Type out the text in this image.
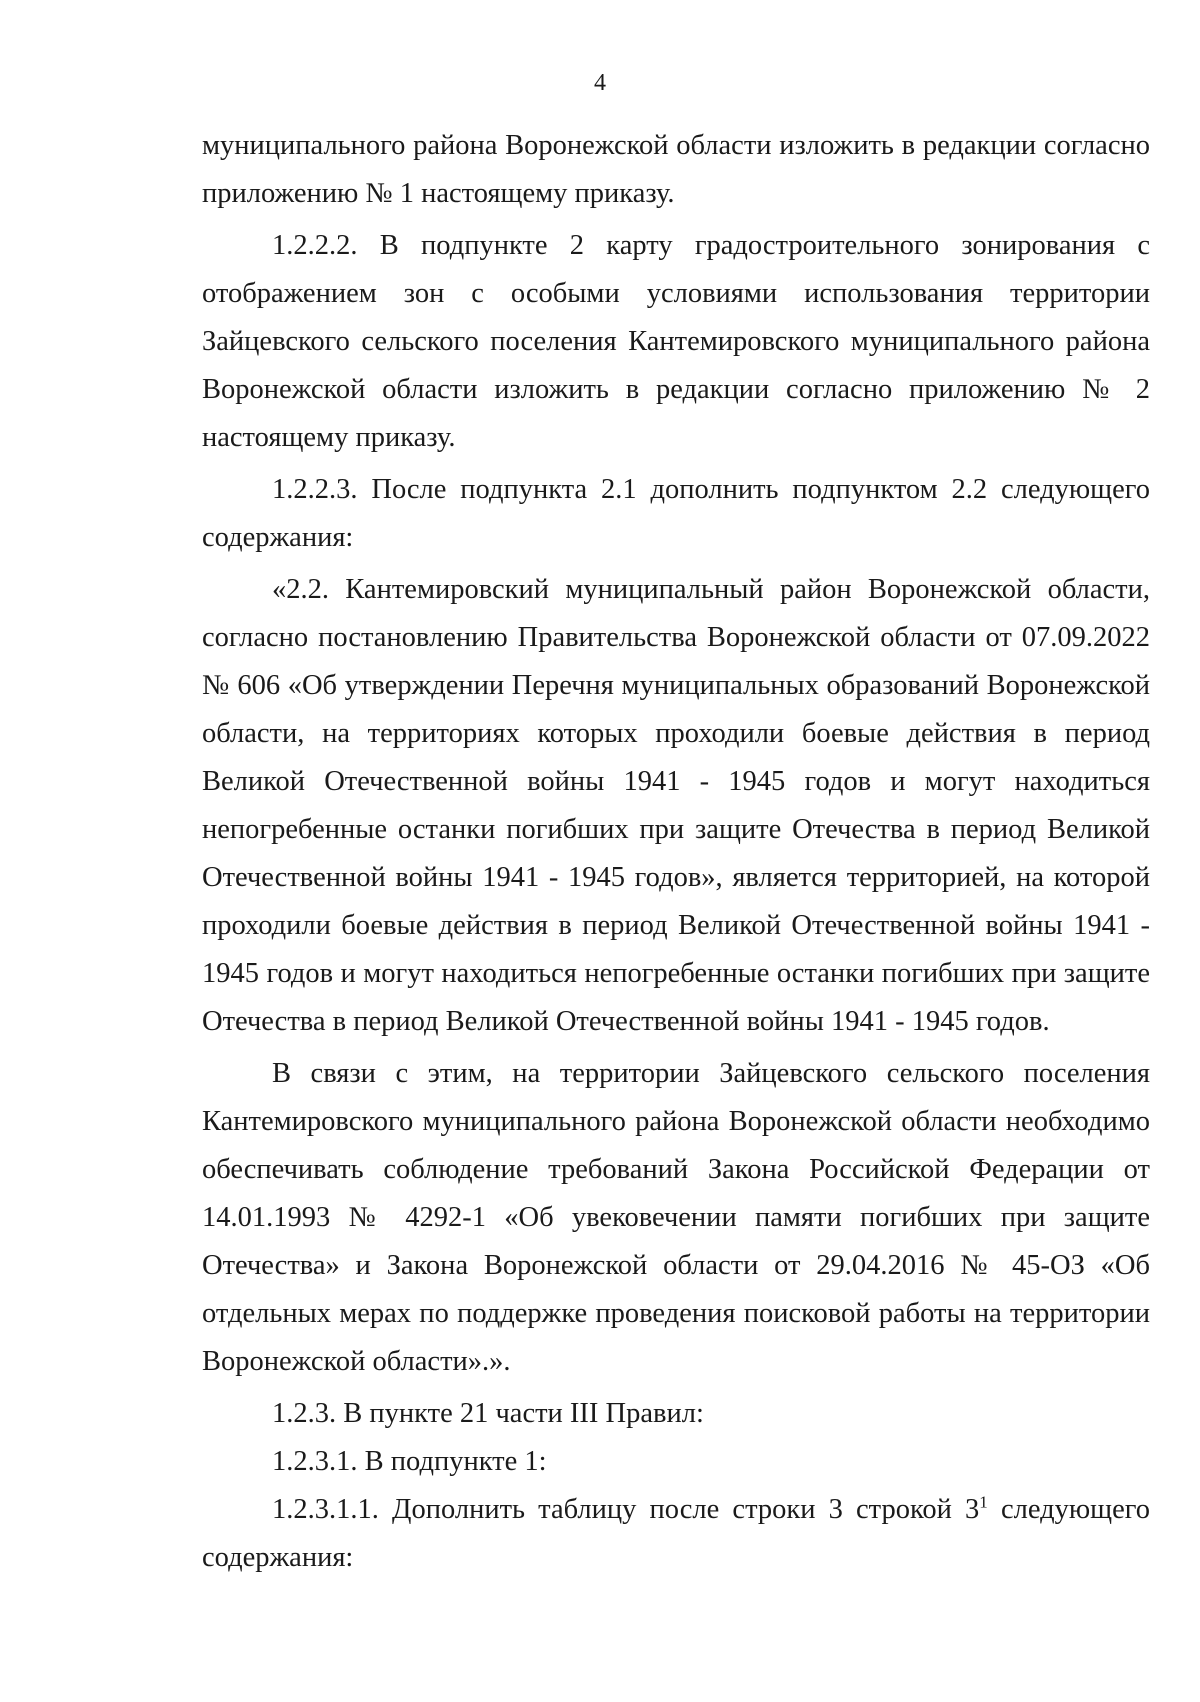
4

муниципального района Воронежской области изложить в редакции согласно приложению № 1 настоящему приказу.

1.2.2.2. В подпункте 2 карту градостроительного зонирования с отображением зон с особыми условиями использования территории Зайцевского сельского поселения Кантемировского муниципального района Воронежской области изложить в редакции согласно приложению № 2 настоящему приказу.

1.2.2.3. После подпункта 2.1 дополнить подпунктом 2.2 следующего содержания:

«2.2. Кантемировский муниципальный район Воронежской области, согласно постановлению Правительства Воронежской области от 07.09.2022 № 606 «Об утверждении Перечня муниципальных образований Воронежской области, на территориях которых проходили боевые действия в период Великой Отечественной войны 1941 - 1945 годов и могут находиться непогребенные останки погибших при защите Отечества в период Великой Отечественной войны 1941 - 1945 годов», является территорией, на которой проходили боевые действия в период Великой Отечественной войны 1941 - 1945 годов и могут находиться непогребенные останки погибших при защите Отечества в период Великой Отечественной войны 1941 - 1945 годов.

В связи с этим, на территории Зайцевского сельского поселения Кантемировского муниципального района Воронежской области необходимо обеспечивать соблюдение требований Закона Российской Федерации от 14.01.1993 № 4292-1 «Об увековечении памяти погибших при защите Отечества» и Закона Воронежской области от 29.04.2016 № 45-ОЗ «Об отдельных мерах по поддержке проведения поисковой работы на территории Воронежской области».».

1.2.3. В пункте 21 части III Правил:

1.2.3.1. В подпункте 1:

1.2.3.1.1. Дополнить таблицу после строки 3 строкой $3^1$ следующего содержания:
